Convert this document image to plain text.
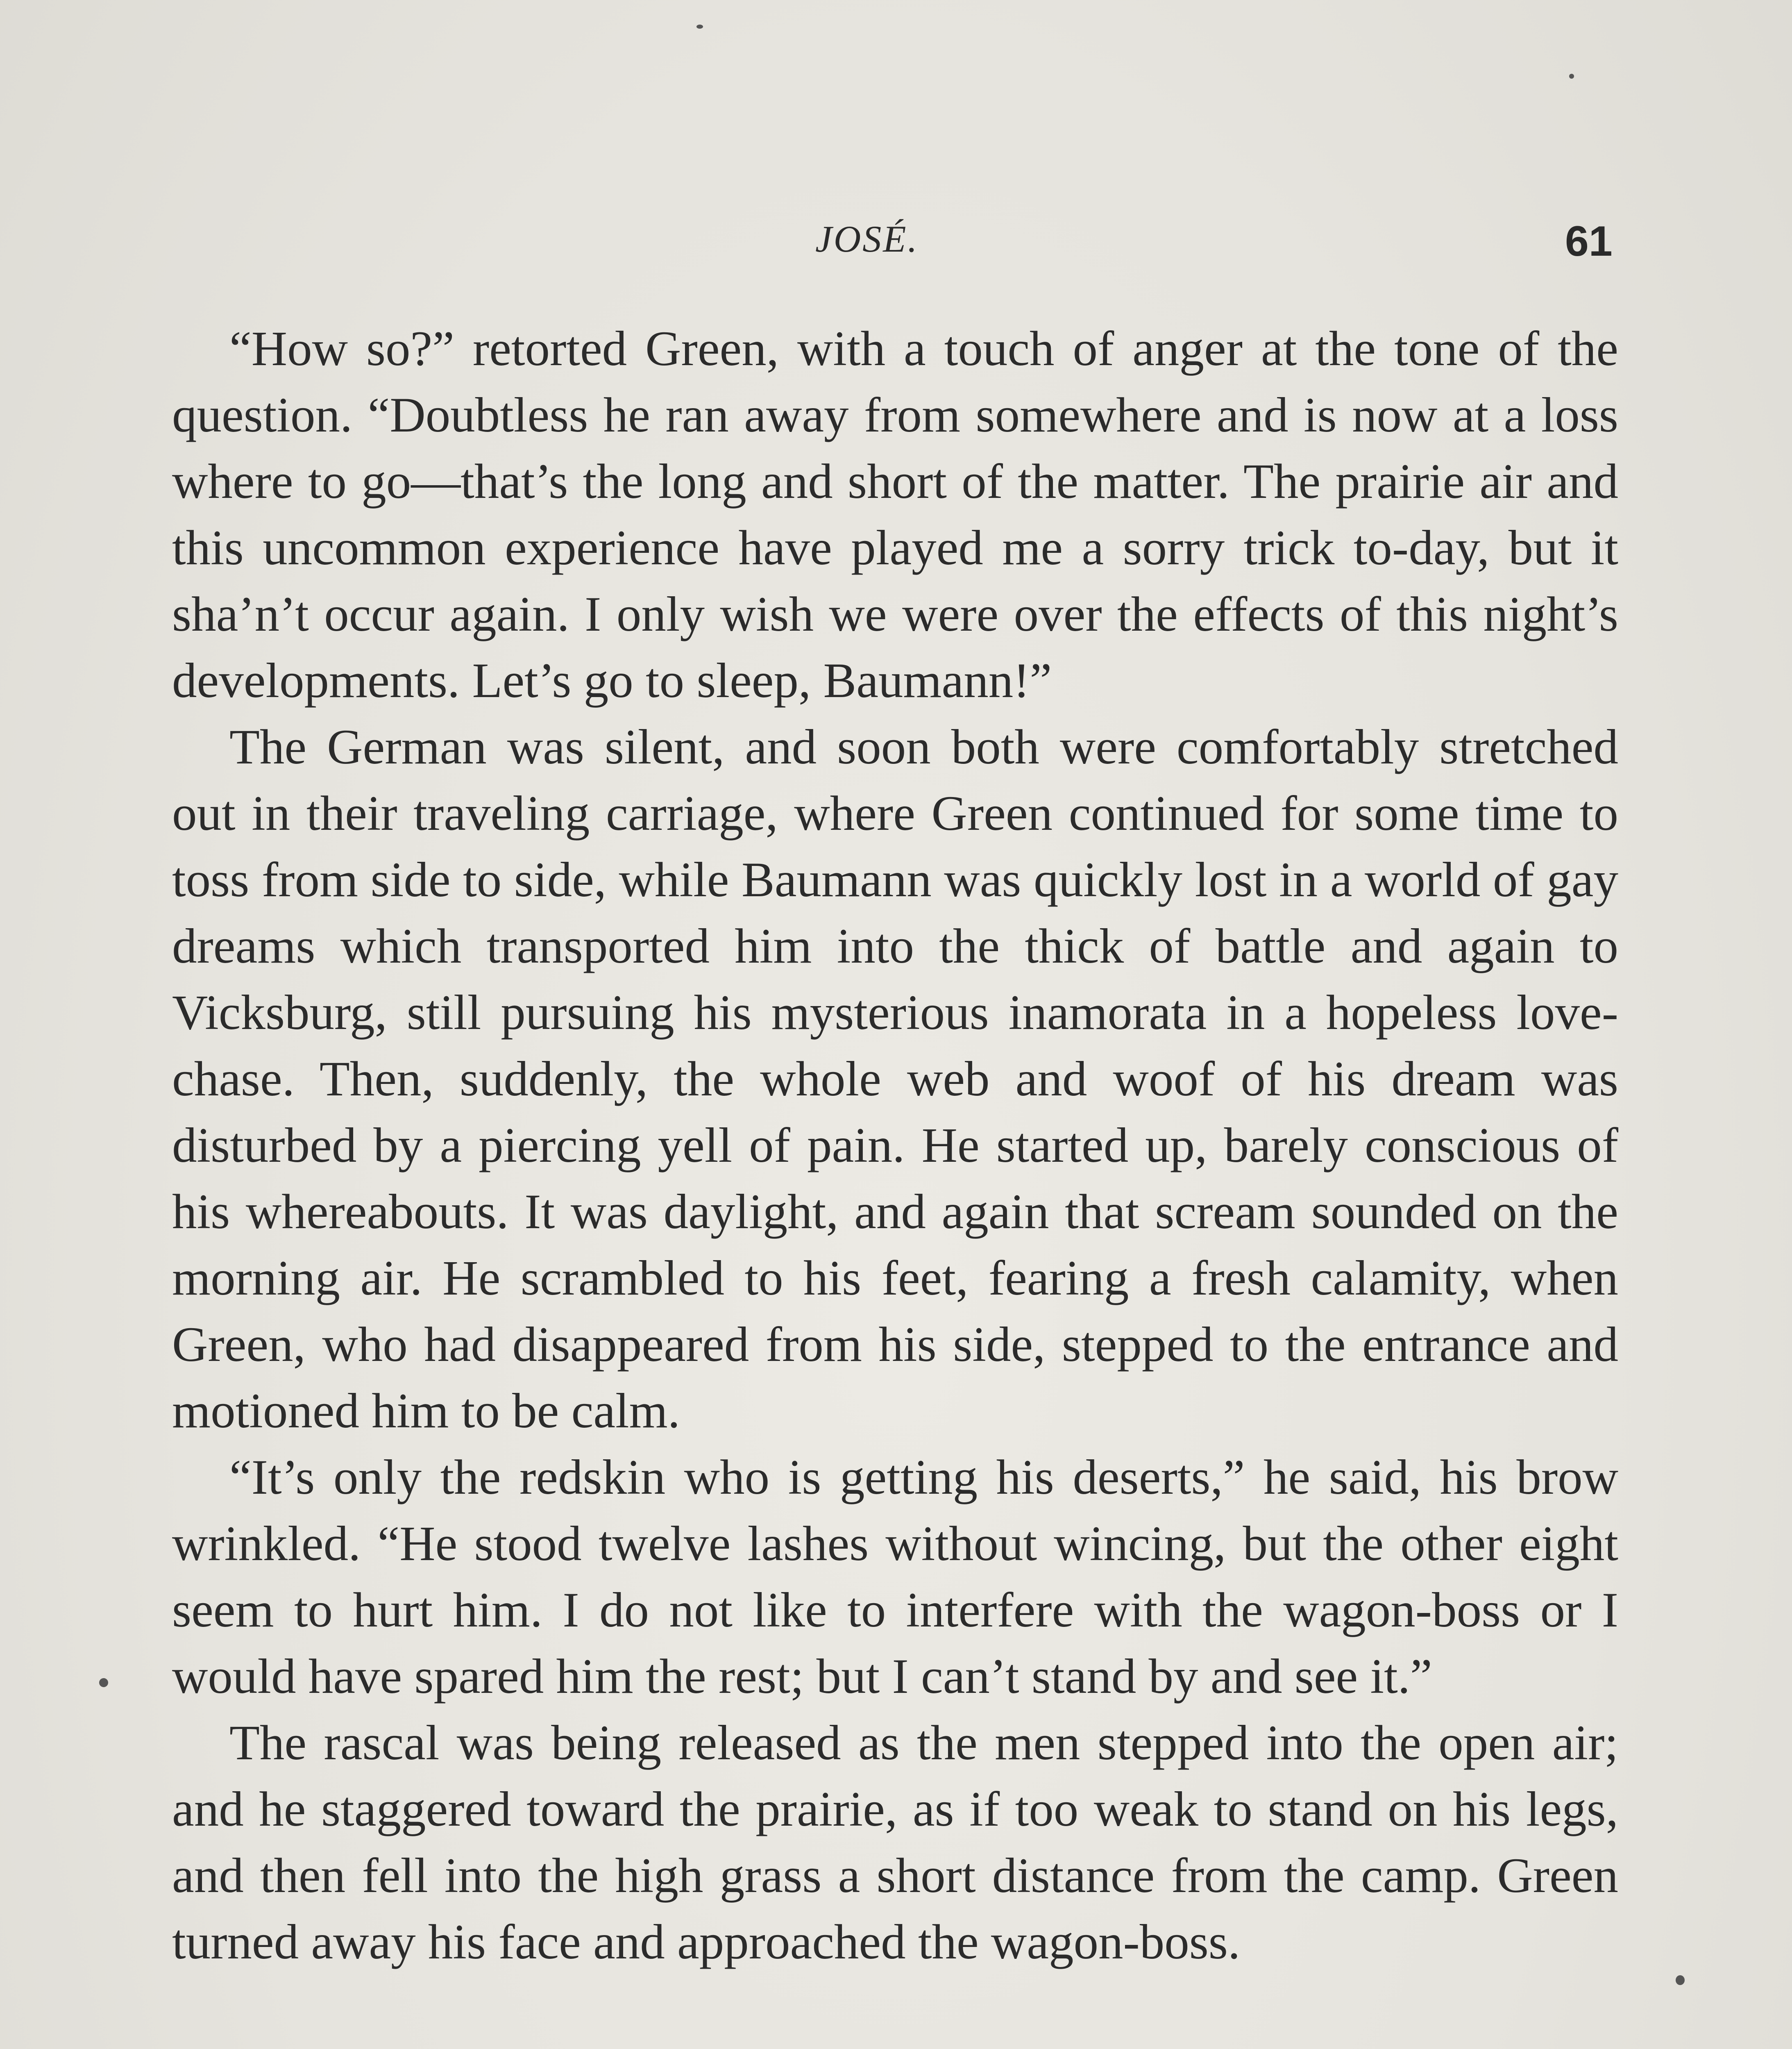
JOSÉ.	61

“How so?” retorted Green, with a touch of anger at the tone of the question. “Doubtless he ran away from somewhere and is now at a loss where to go—that’s the long and short of the matter. The prairie air and this uncommon experience have played me a sorry trick to-day, but it sha’n’t occur again. I only wish we were over the effects of this night’s developments. Let’s go to sleep, Baumann!”

The German was silent, and soon both were comfortably stretched out in their traveling carriage, where Green continued for some time to toss from side to side, while Baumann was quickly lost in a world of gay dreams which transported him into the thick of battle and again to Vicksburg, still pursuing his mysterious inamorata in a hopeless love-chase. Then, suddenly, the whole web and woof of his dream was disturbed by a piercing yell of pain. He started up, barely conscious of his whereabouts. It was daylight, and again that scream sounded on the morning air. He scrambled to his feet, fearing a fresh calamity, when Green, who had disappeared from his side, stepped to the entrance and motioned him to be calm.

“It’s only the redskin who is getting his deserts,” he said, his brow wrinkled. “He stood twelve lashes without wincing, but the other eight seem to hurt him. I do not like to interfere with the wagon-boss or I would have spared him the rest; but I can’t stand by and see it.”

The rascal was being released as the men stepped into the open air; and he staggered toward the prairie, as if too weak to stand on his legs, and then fell into the high grass a short distance from the camp. Green turned away his face and approached the wagon-boss.
